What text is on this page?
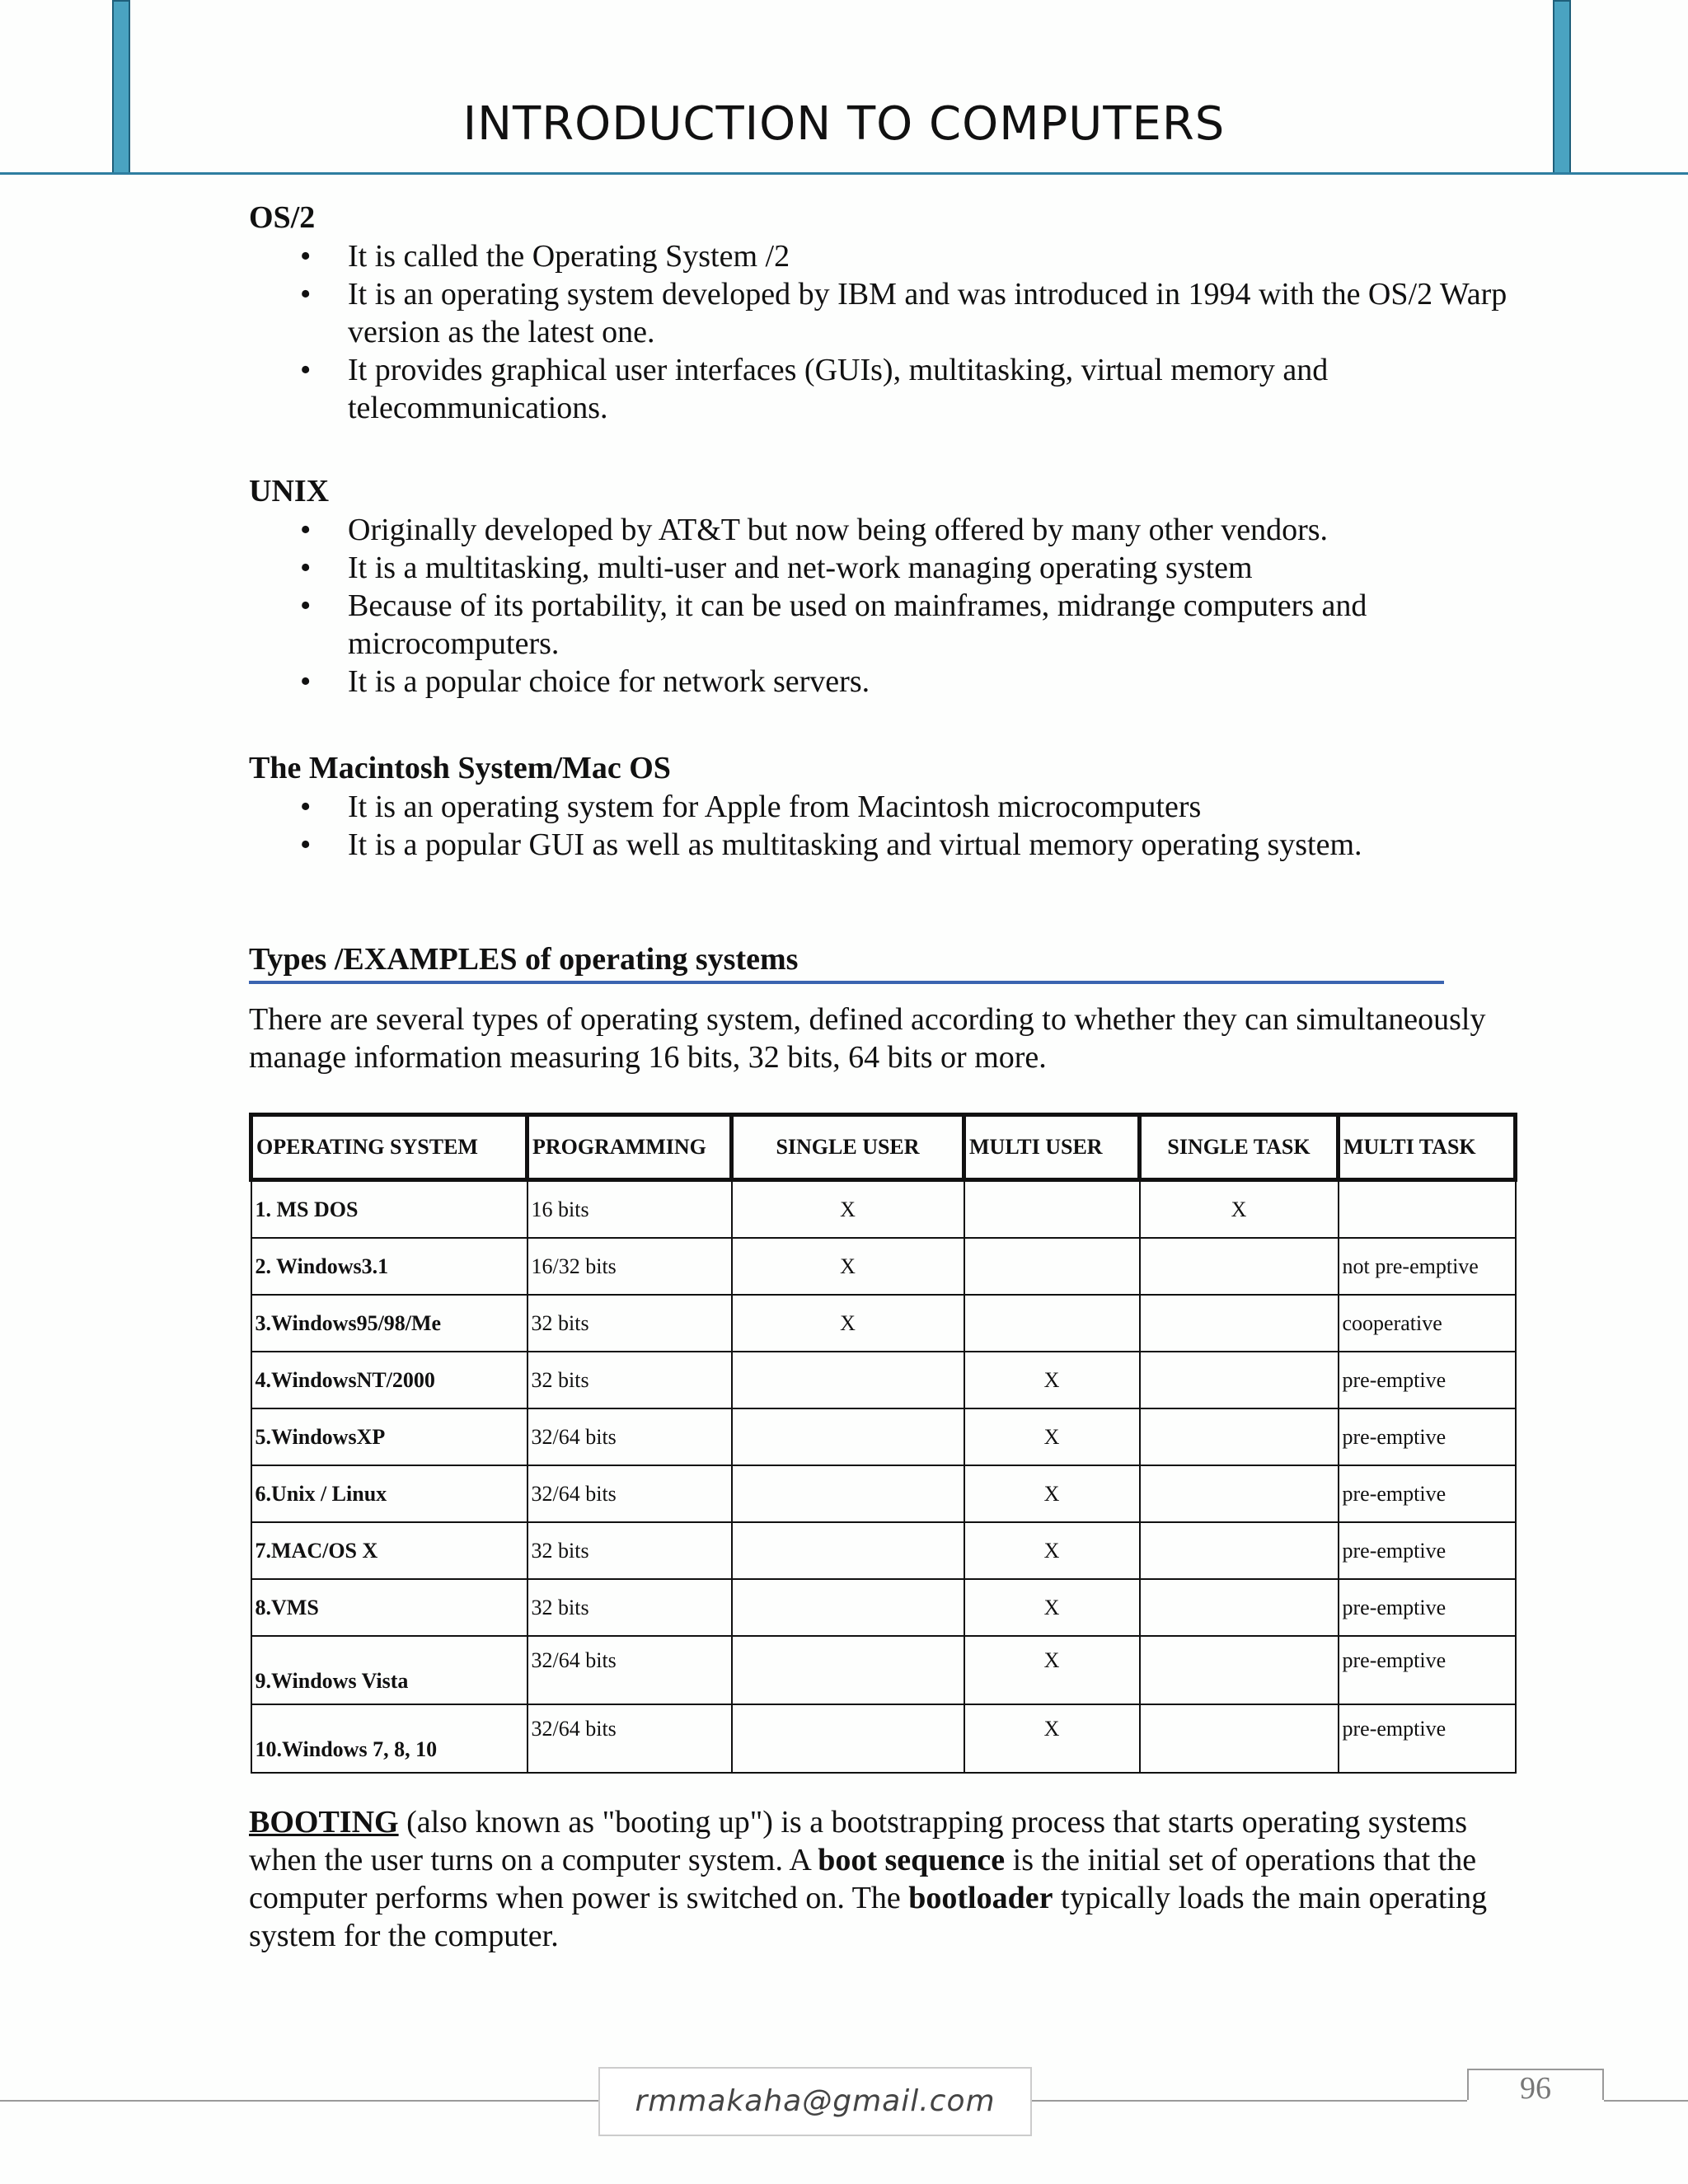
INTRODUCTION TO COMPUTERS
OS/2
• It is called the Operating System /2
• It is an operating system developed by IBM and was introduced in 1994 with the OS/2 Warp version as the latest one.
• It provides graphical user interfaces (GUIs), multitasking, virtual memory and telecommunications.
UNIX
• Originally developed by AT&T but now being offered by many other vendors.
• It is a multitasking, multi-user and net-work managing operating system
• Because of its portability, it can be used on mainframes, midrange computers and microcomputers.
• It is a popular choice for network servers.
The Macintosh System/Mac OS
• It is an operating system for Apple from Macintosh microcomputers
• It is a popular GUI as well as multitasking and virtual memory operating system.
Types /EXAMPLES of operating systems

There are several types of operating system, defined according to whether they can simultaneously manage information measuring 16 bits, 32 bits, 64 bits or more.

OPERATING SYSTEM	PROGRAMMING	SINGLE USER	MULTI USER	SINGLE TASK	MULTI TASK
1. MS DOS	16 bits	X		X	
2. Windows3.1	16/32 bits	X			not pre-emptive
3.Windows95/98/Me	32 bits	X			cooperative
4.WindowsNT/2000	32 bits		X		pre-emptive
5.WindowsXP	32/64 bits		X		pre-emptive
6.Unix / Linux	32/64 bits		X		pre-emptive
7.MAC/OS X	32 bits		X		pre-emptive
8.VMS	32 bits		X		pre-emptive
9.Windows Vista	32/64 bits		X		pre-emptive
10.Windows 7, 8, 10	32/64 bits		X		pre-emptive
BOOTING (also known as "booting up") is a bootstrapping process that starts operating systems when the user turns on a computer system. A boot sequence is the initial set of operations that the computer performs when power is switched on. The bootloader typically loads the main operating system for the computer.
rmmakaha@gmail.com	96
